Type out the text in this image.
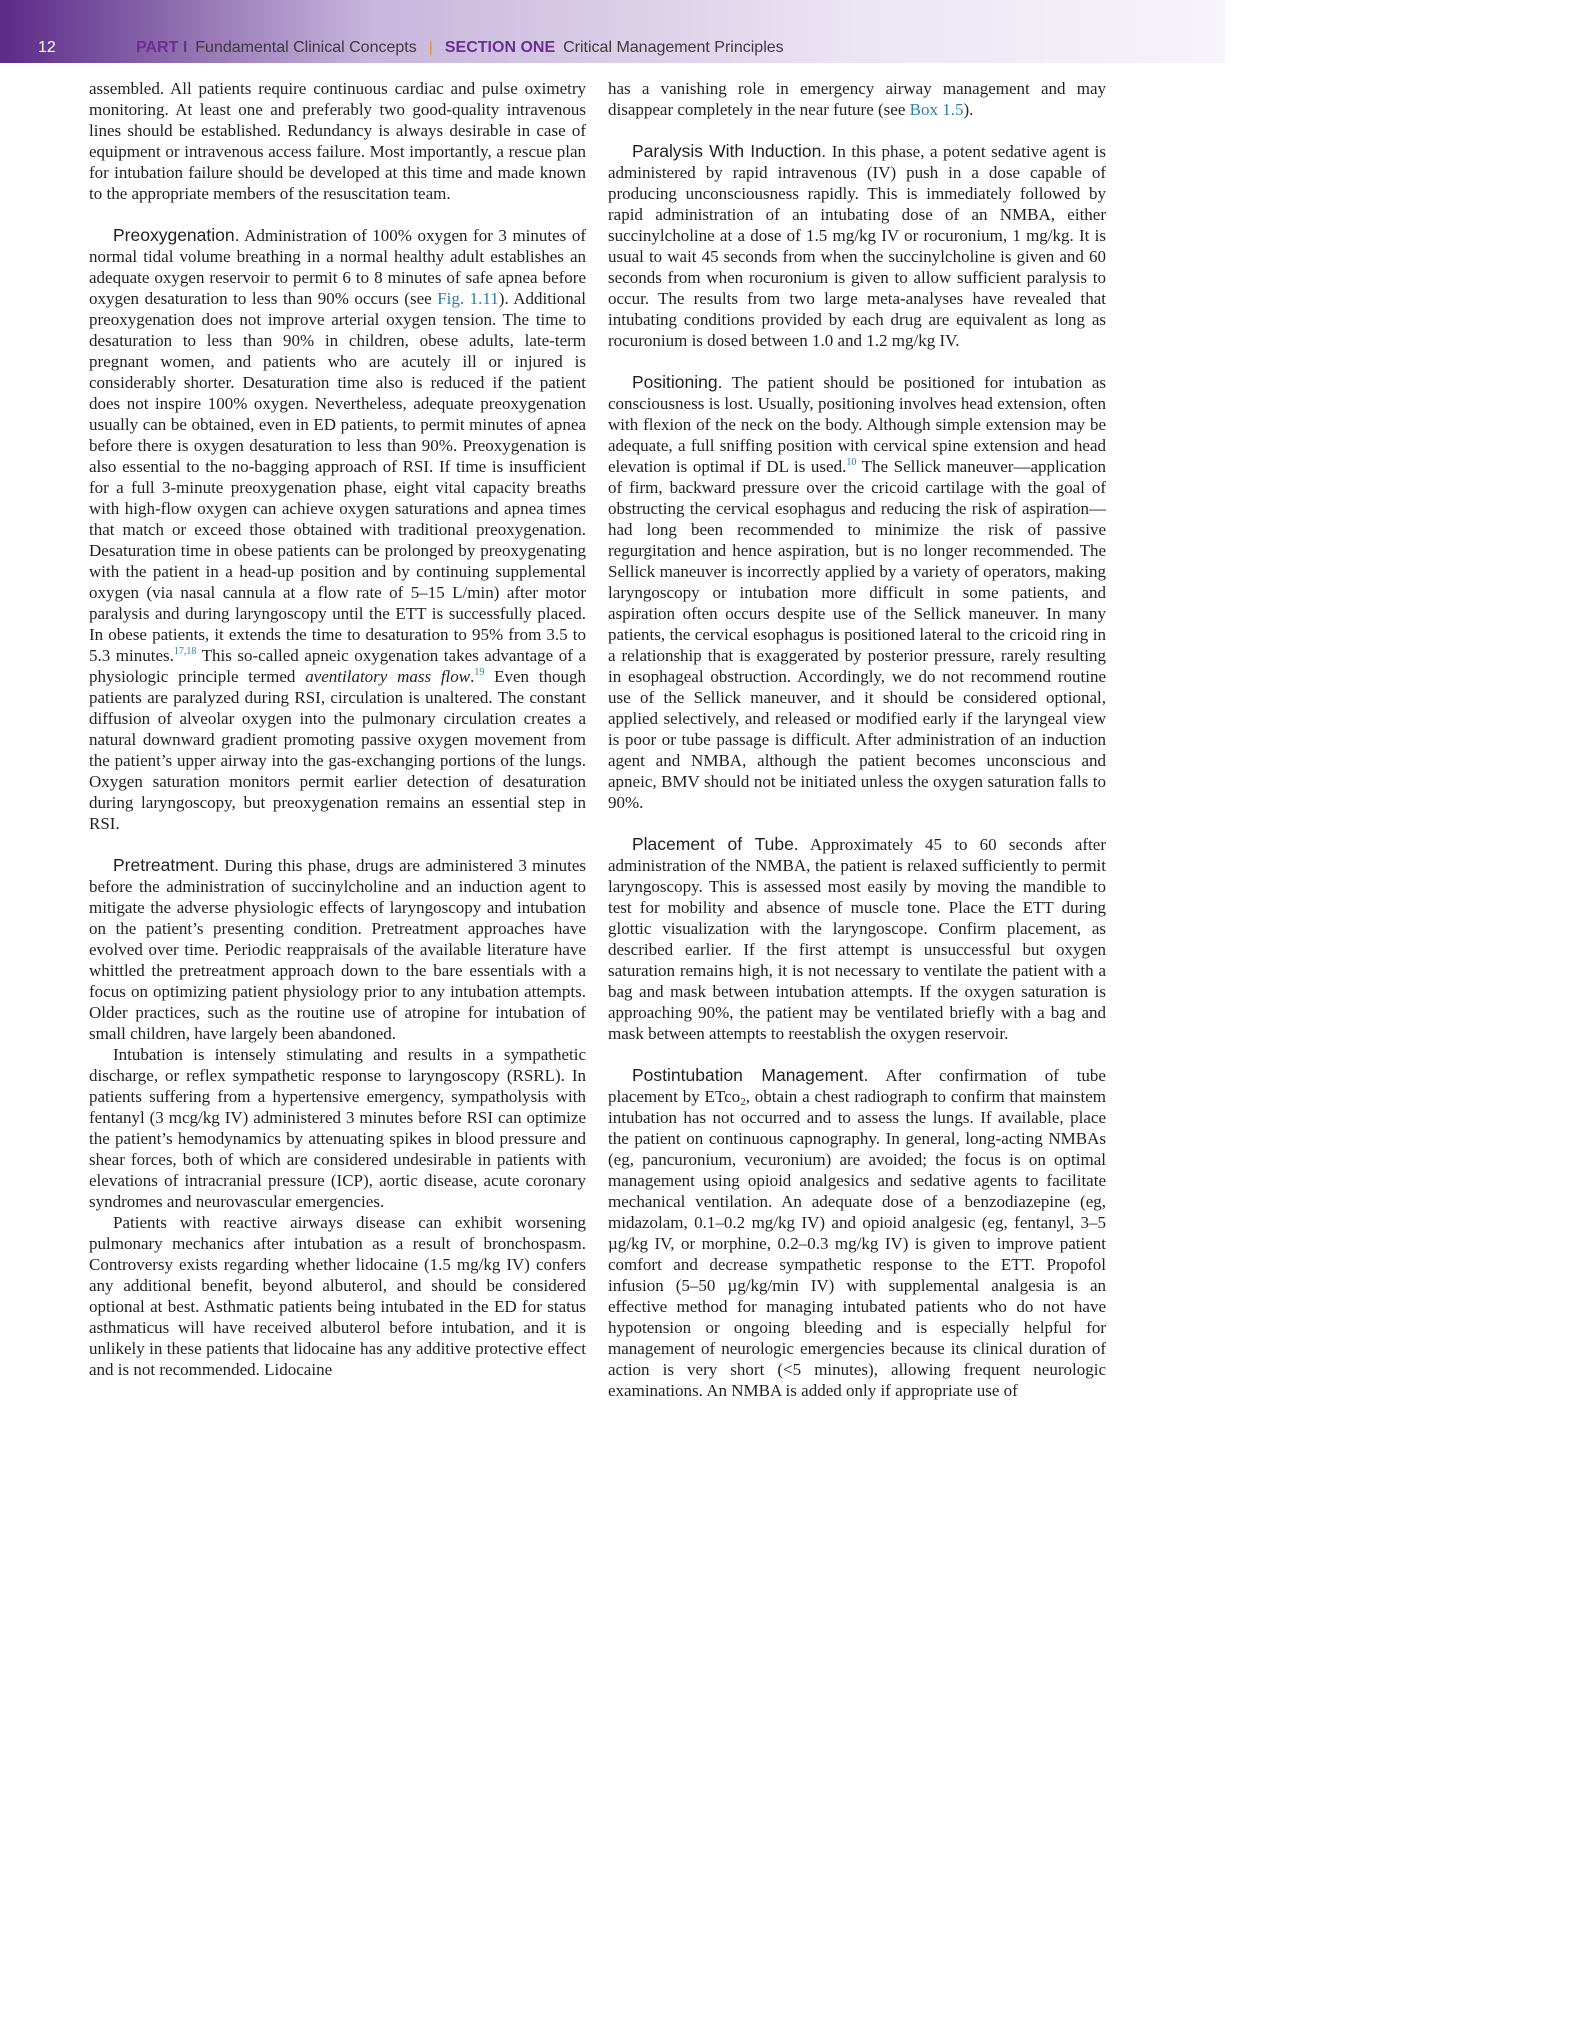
12	PART I Fundamental Clinical Concepts | SECTION ONE Critical Management Principles

assembled. All patients require continuous cardiac and pulse oximetry monitoring. At least one and preferably two good-quality intravenous lines should be established. Redundancy is always desirable in case of equipment or intravenous access failure. Most importantly, a rescue plan for intubation failure should be developed at this time and made known to the appropriate members of the resuscitation team.

Preoxygenation. Administration of 100% oxygen for 3 minutes of normal tidal volume breathing in a normal healthy adult establishes an adequate oxygen reservoir to permit 6 to 8 minutes of safe apnea before oxygen desaturation to less than 90% occurs (see Fig. 1.11). Additional preoxygenation does not improve arterial oxygen tension. The time to desaturation to less than 90% in children, obese adults, late-term pregnant women, and patients who are acutely ill or injured is considerably shorter. Desaturation time also is reduced if the patient does not inspire 100% oxygen. Nevertheless, adequate preoxygenation usually can be obtained, even in ED patients, to permit minutes of apnea before there is oxygen desaturation to less than 90%. Preoxygenation is also essential to the no-bagging approach of RSI. If time is insufficient for a full 3-minute preoxygenation phase, eight vital capacity breaths with high-flow oxygen can achieve oxygen saturations and apnea times that match or exceed those obtained with traditional preoxygenation. Desaturation time in obese patients can be prolonged by preoxygenating with the patient in a head-up position and by continuing supplemental oxygen (via nasal cannula at a flow rate of 5–15 L/min) after motor paralysis and during laryngoscopy until the ETT is successfully placed. In obese patients, it extends the time to desaturation to 95% from 3.5 to 5.3 minutes.$^{17,18}$ This so-called apneic oxygenation takes advantage of a physiologic principle termed aventilatory mass flow.$^{19}$ Even though patients are paralyzed during RSI, circulation is unaltered. The constant diffusion of alveolar oxygen into the pulmonary circulation creates a natural downward gradient promoting passive oxygen movement from the patient’s upper airway into the gas-exchanging portions of the lungs. Oxygen saturation monitors permit earlier detection of desaturation during laryngoscopy, but preoxygenation remains an essential step in RSI.

Pretreatment. During this phase, drugs are administered 3 minutes before the administration of succinylcholine and an induction agent to mitigate the adverse physiologic effects of laryngoscopy and intubation on the patient’s presenting condition. Pretreatment approaches have evolved over time. Periodic reappraisals of the available literature have whittled the pretreatment approach down to the bare essentials with a focus on optimizing patient physiology prior to any intubation attempts. Older practices, such as the routine use of atropine for intubation of small children, have largely been abandoned.

Intubation is intensely stimulating and results in a sympathetic discharge, or reflex sympathetic response to laryngoscopy (RSRL). In patients suffering from a hypertensive emergency, sympatholysis with fentanyl (3 mcg/kg IV) administered 3 minutes before RSI can optimize the patient’s hemodynamics by attenuating spikes in blood pressure and shear forces, both of which are considered undesirable in patients with elevations of intracranial pressure (ICP), aortic disease, acute coronary syndromes and neurovascular emergencies.

Patients with reactive airways disease can exhibit worsening pulmonary mechanics after intubation as a result of bronchospasm. Controversy exists regarding whether lidocaine (1.5 mg/kg IV) confers any additional benefit, beyond albuterol, and should be considered optional at best. Asthmatic patients being intubated in the ED for status asthmaticus will have received albuterol before intubation, and it is unlikely in these patients that lidocaine has any additive protective effect and is not recommended. Lidocaine

has a vanishing role in emergency airway management and may disappear completely in the near future (see Box 1.5).

Paralysis With Induction. In this phase, a potent sedative agent is administered by rapid intravenous (IV) push in a dose capable of producing unconsciousness rapidly. This is immediately followed by rapid administration of an intubating dose of an NMBA, either succinylcholine at a dose of 1.5 mg/kg IV or rocuronium, 1 mg/kg. It is usual to wait 45 seconds from when the succinylcholine is given and 60 seconds from when rocuronium is given to allow sufficient paralysis to occur. The results from two large meta-analyses have revealed that intubating conditions provided by each drug are equivalent as long as rocuronium is dosed between 1.0 and 1.2 mg/kg IV.

Positioning. The patient should be positioned for intubation as consciousness is lost. Usually, positioning involves head extension, often with flexion of the neck on the body. Although simple extension may be adequate, a full sniffing position with cervical spine extension and head elevation is optimal if DL is used.$^{10}$ The Sellick maneuver—application of firm, backward pressure over the cricoid cartilage with the goal of obstructing the cervical esophagus and reducing the risk of aspiration—had long been recommended to minimize the risk of passive regurgitation and hence aspiration, but is no longer recommended. The Sellick maneuver is incorrectly applied by a variety of operators, making laryngoscopy or intubation more difficult in some patients, and aspiration often occurs despite use of the Sellick maneuver. In many patients, the cervical esophagus is positioned lateral to the cricoid ring in a relationship that is exaggerated by posterior pressure, rarely resulting in esophageal obstruction. Accordingly, we do not recommend routine use of the Sellick maneuver, and it should be considered optional, applied selectively, and released or modified early if the laryngeal view is poor or tube passage is difficult. After administration of an induction agent and NMBA, although the patient becomes unconscious and apneic, BMV should not be initiated unless the oxygen saturation falls to 90%.

Placement of Tube. Approximately 45 to 60 seconds after administration of the NMBA, the patient is relaxed sufficiently to permit laryngoscopy. This is assessed most easily by moving the mandible to test for mobility and absence of muscle tone. Place the ETT during glottic visualization with the laryngoscope. Confirm placement, as described earlier. If the first attempt is unsuccessful but oxygen saturation remains high, it is not necessary to ventilate the patient with a bag and mask between intubation attempts. If the oxygen saturation is approaching 90%, the patient may be ventilated briefly with a bag and mask between attempts to reestablish the oxygen reservoir.

Postintubation Management. After confirmation of tube placement by ETco$_2$, obtain a chest radiograph to confirm that mainstem intubation has not occurred and to assess the lungs. If available, place the patient on continuous capnography. In general, long-acting NMBAs (eg, pancuronium, vecuronium) are avoided; the focus is on optimal management using opioid analgesics and sedative agents to facilitate mechanical ventilation. An adequate dose of a benzodiazepine (eg, midazolam, 0.1–0.2 mg/kg IV) and opioid analgesic (eg, fentanyl, 3–5 µg/kg IV, or morphine, 0.2–0.3 mg/kg IV) is given to improve patient comfort and decrease sympathetic response to the ETT. Propofol infusion (5–50 µg/kg/min IV) with supplemental analgesia is an effective method for managing intubated patients who do not have hypotension or ongoing bleeding and is especially helpful for management of neurologic emergencies because its clinical duration of action is very short (<5 minutes), allowing frequent neurologic examinations. An NMBA is added only if appropriate use of
